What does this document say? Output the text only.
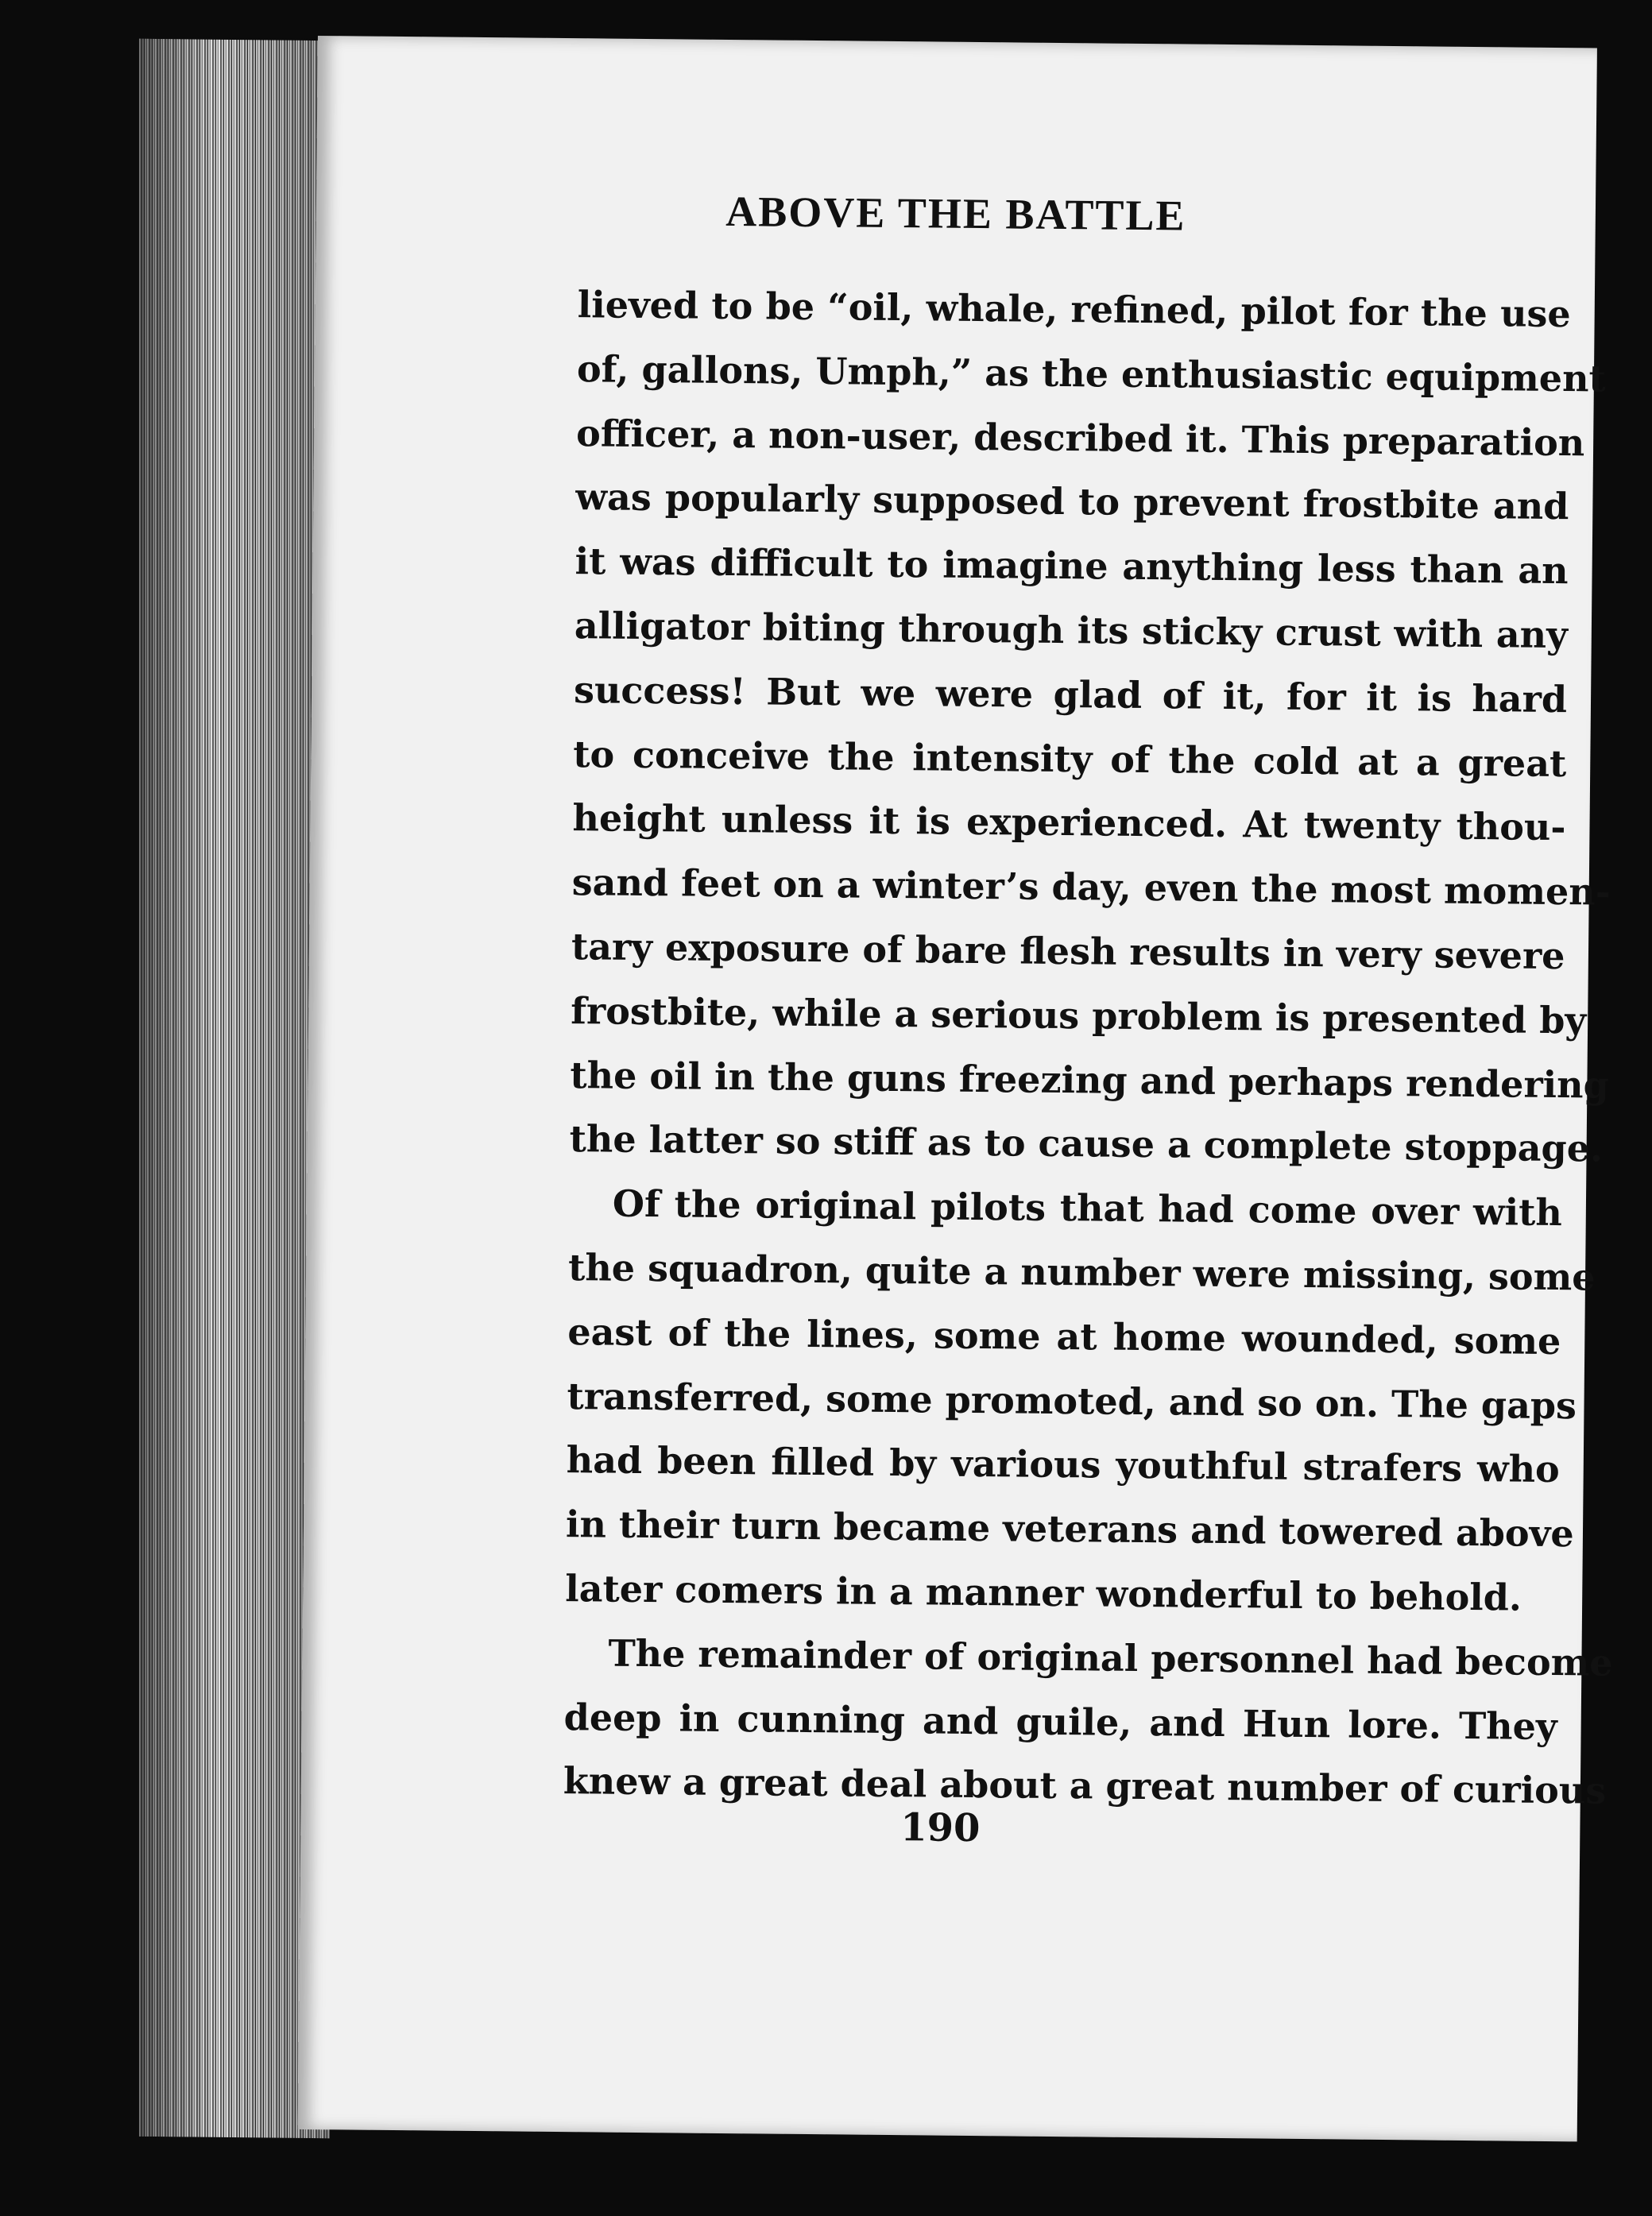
ABOVE THE BATTLE
lieved to be “oil, whale, refined, pilot for the use
of, gallons, Umph,” as the enthusiastic equipment
officer, a non-user, described it. This preparation
was popularly supposed to prevent frostbite and
it was difficult to imagine anything less than an
alligator biting through its sticky crust with any
success! But we were glad of it, for it is hard
to conceive the intensity of the cold at a great
height unless it is experienced. At twenty thou-
sand feet on a winter’s day, even the most momen-
tary exposure of bare flesh results in very severe
frostbite, while a serious problem is presented by
the oil in the guns freezing and perhaps rendering
the latter so stiff as to cause a complete stoppage.
Of the original pilots that had come over with
the squadron, quite a number were missing, some
east of the lines, some at home wounded, some
transferred, some promoted, and so on. The gaps
had been filled by various youthful strafers who
in their turn became veterans and towered above
later comers in a manner wonderful to behold.
The remainder of original personnel had become
deep in cunning and guile, and Hun lore. They
knew a great deal about a great number of curious
190
